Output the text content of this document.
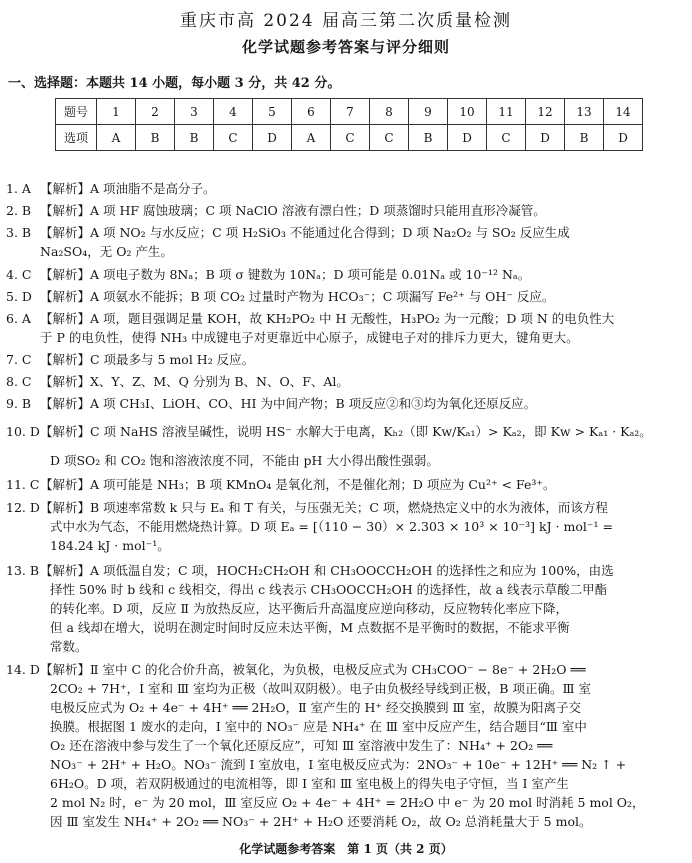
重庆市高 2024 届高三第二次质量检测
化学试题参考答案与评分细则
一、选择题：本题共 14 小题，每小题 3 分，共 42 分。
题号	1	2	3	4	5	6	7	8	9	10	11	12	13	14
选项	A	B	B	C	D	A	C	C	B	D	C	D	B	D
1. A 【解析】A 项油脂不是高分子。
2. B 【解析】A 项 HF 腐蚀玻璃；C 项 NaClO 溶液有漂白性；D 项蒸馏时只能用直形冷凝管。
3. B 【解析】A 项 NO₂ 与水反应；C 项 H₂SiO₃ 不能通过化合得到；D 项 Na₂O₂ 与 SO₂ 反应生成
Na₂SO₄，无 O₂ 产生。
4. C 【解析】A 项电子数为 8Nₐ；B 项 σ 键数为 10Nₐ；D 项可能是 0.01Nₐ 或 10⁻¹² Nₐ。
5. D 【解析】A 项氨水不能拆；B 项 CO₂ 过量时产物为 HCO₃⁻；C 项漏写 Fe²⁺ 与 OH⁻ 反应。
6. A 【解析】A 项，题目强调足量 KOH，故 KH₂PO₂ 中 H 无酸性，H₃PO₂ 为一元酸；D 项 N 的电负性大
于 P 的电负性，使得 NH₃ 中成键电子对更靠近中心原子，成键电子对的排斥力更大，键角更大。
7. C 【解析】C 项最多与 5 mol H₂ 反应。
8. C 【解析】X、Y、Z、M、Q 分别为 B、N、O、F、Al。
9. B 【解析】A 项 CH₃I、LiOH、CO、HI 为中间产物；B 项反应②和③均为氧化还原反应。
10. D 【解析】C 项 NaHS 溶液呈碱性，说明 HS⁻ 水解大于电离，Kₕ₂（即 Kw/Kₐ₁）> Kₐ₂，即 Kw > Kₐ₁ · Kₐ₂。
D 项SO₂ 和 CO₂ 饱和溶液浓度不同，不能由 pH 大小得出酸性强弱。
11. C 【解析】A 项可能是 NH₃；B 项 KMnO₄ 是氧化剂，不是催化剂；D 项应为 Cu²⁺ < Fe³⁺。
12. D 【解析】B 项速率常数 k 只与 Eₐ 和 T 有关，与压强无关；C 项，燃烧热定义中的水为液体，而该方程
式中水为气态，不能用燃烧热计算。D 项 Eₐ = [（110 − 30）× 2.303 × 10³ × 10⁻³] kJ · mol⁻¹ =
184.24 kJ · mol⁻¹。
13. B 【解析】A 项低温自发；C 项，HOCH₂CH₂OH 和 CH₃OOCCH₂OH 的选择性之和应为 100%，由选
择性 50% 时 b 线和 c 线相交，得出 c 线表示 CH₃OOCCH₂OH 的选择性，故 a 线表示草酸二甲酯
的转化率。D 项，反应 Ⅱ 为放热反应，达平衡后升高温度应逆向移动，反应物转化率应下降，
但 a 线却在增大，说明在测定时间时反应未达平衡，M 点数据不是平衡时的数据，不能求平衡
常数。
14. D 【解析】Ⅱ 室中 C 的化合价升高，被氧化，为负极，电极反应式为 CH₃COO⁻ − 8e⁻ + 2H₂O ══
2CO₂ + 7H⁺，Ⅰ 室和 Ⅲ 室均为正极（故叫双阴极）。电子由负极经导线到正极，B 项正确。Ⅲ 室
电极反应式为 O₂ + 4e⁻ + 4H⁺ ══ 2H₂O，Ⅱ 室产生的 H⁺ 经交换膜到 Ⅲ 室，故膜为阳离子交
换膜。根据图 1 废水的走向，Ⅰ 室中的 NO₃⁻ 应是 NH₄⁺ 在 Ⅲ 室中反应产生，结合题目“Ⅲ 室中
O₂ 还在溶液中参与发生了一个氧化还原反应”，可知 Ⅲ 室溶液中发生了：NH₄⁺ + 2O₂ ══
NO₃⁻ + 2H⁺ + H₂O。NO₃⁻ 流到 Ⅰ 室放电，Ⅰ 室电极反应式为：2NO₃⁻ + 10e⁻ + 12H⁺ ══ N₂ ↑ +
6H₂O。D 项，若双阴极通过的电流相等，即 Ⅰ 室和 Ⅲ 室电极上的得失电子守恒，当 Ⅰ 室产生
2 mol N₂ 时，e⁻ 为 20 mol，Ⅲ 室反应 O₂ + 4e⁻ + 4H⁺ = 2H₂O 中 e⁻ 为 20 mol 时消耗 5 mol O₂，
因 Ⅲ 室发生 NH₄⁺ + 2O₂ ══ NO₃⁻ + 2H⁺ + H₂O 还要消耗 O₂，故 O₂ 总消耗量大于 5 mol。
化学试题参考答案　第 1 页（共 2 页）
